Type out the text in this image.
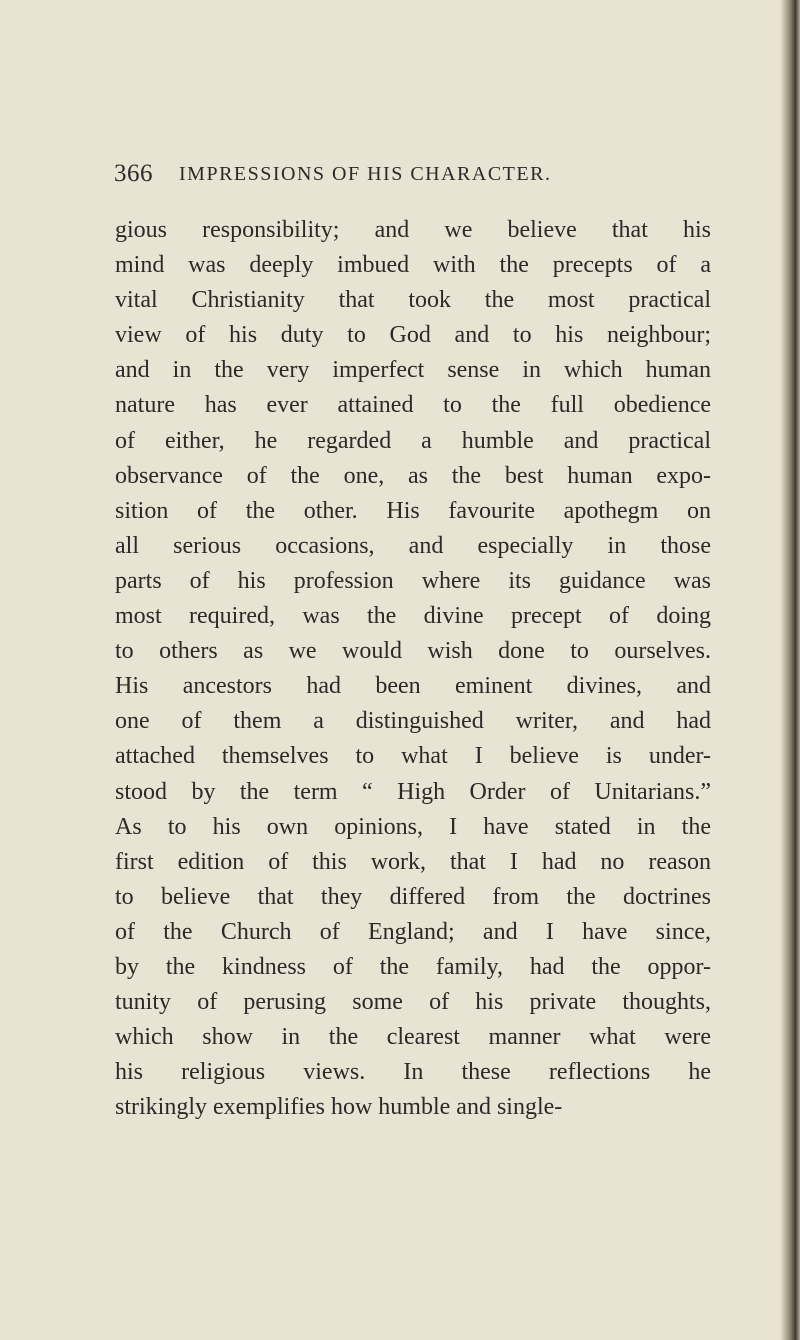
366 IMPRESSIONS OF HIS CHARACTER.
gious responsibility; and we believe that his
mind was deeply imbued with the precepts of a
vital Christianity that took the most practical
view of his duty to God and to his neighbour;
and in the very imperfect sense in which human
nature has ever attained to the full obedience
of either, he regarded a humble and practical
observance of the one, as the best human expo-
sition of the other. His favourite apothegm on
all serious occasions, and especially in those
parts of his profession where its guidance was
most required, was the divine precept of doing
to others as we would wish done to ourselves.
His ancestors had been eminent divines, and
one of them a distinguished writer, and had
attached themselves to what I believe is under-
stood by the term “ High Order of Unitarians.”
As to his own opinions, I have stated in the
first edition of this work, that I had no reason
to believe that they differed from the doctrines
of the Church of England; and I have since,
by the kindness of the family, had the oppor-
tunity of perusing some of his private thoughts,
which show in the clearest manner what were
his religious views. In these reflections he
strikingly exemplifies how humble and single-
